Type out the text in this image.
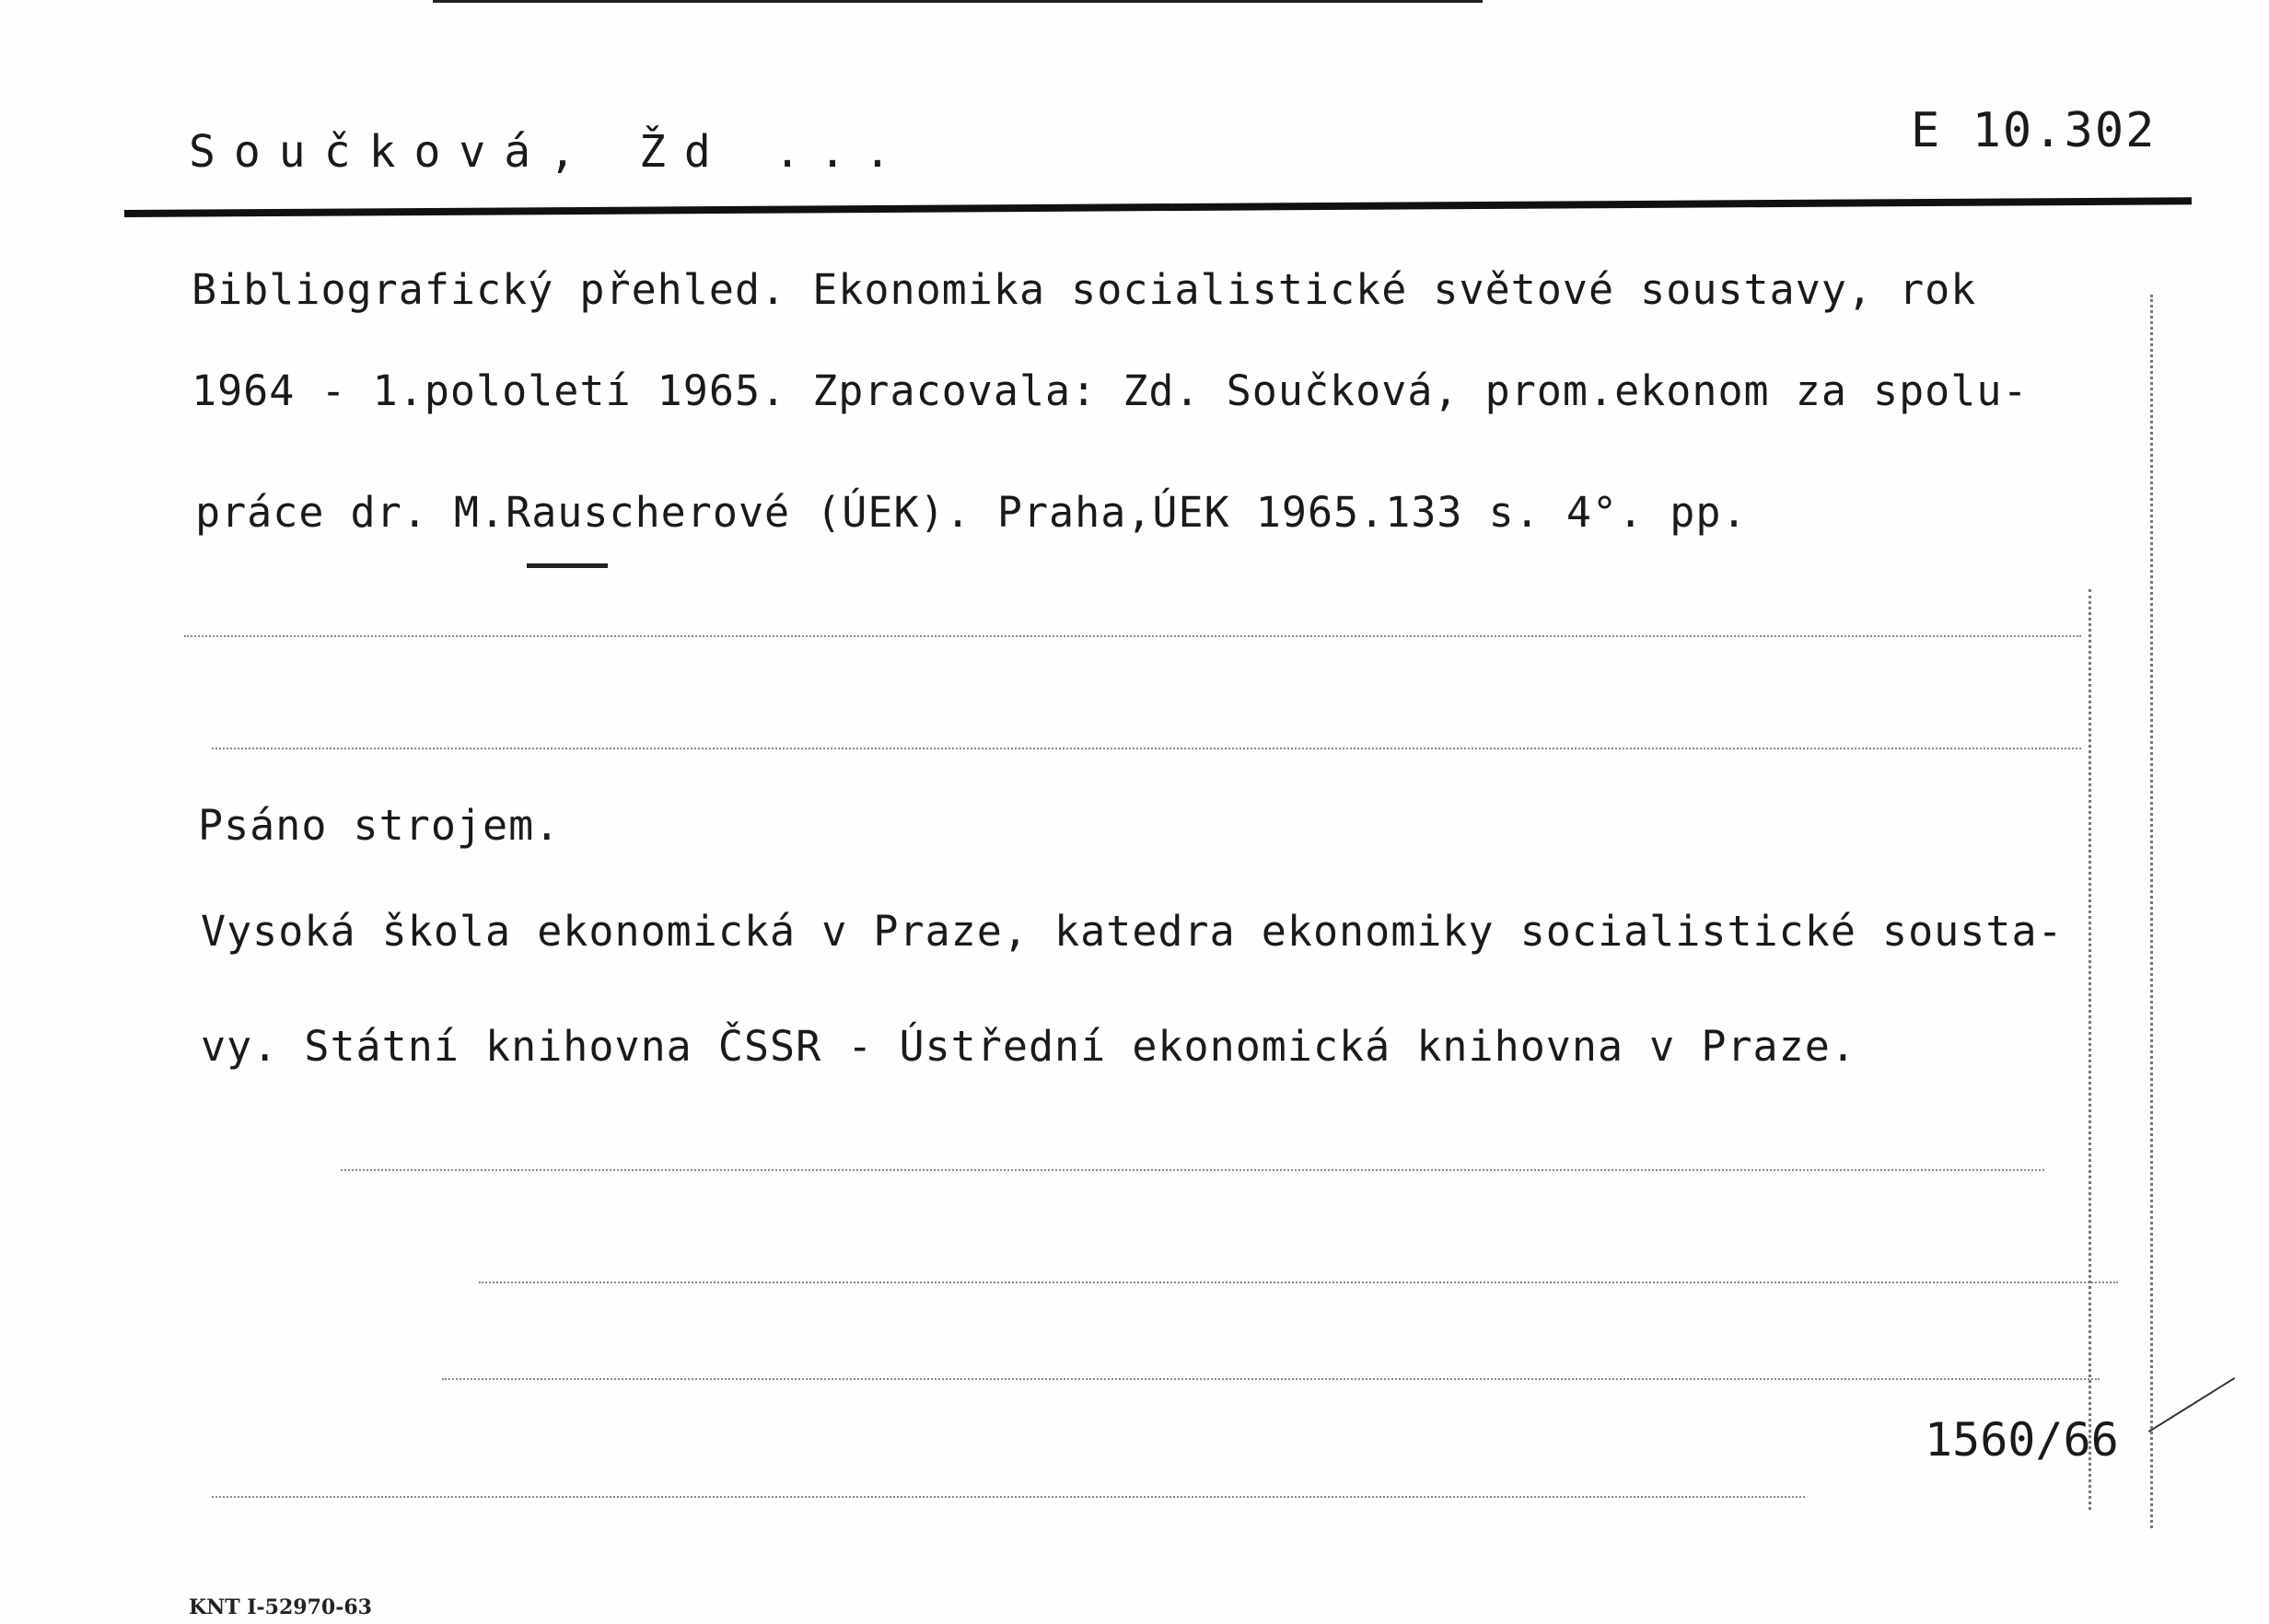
Součková, Žd ...	E 10.302
Bibliografický přehled. Ekonomika socialistické světové soustavy, rok
1964 - 1.pololetí 1965. Zpracovala: Zd. Součková, prom.ekonom za spolu-
práce dr. M.Rauscherové (ÚEK). Praha,ÚEK 1965.133 s. 4°. pp.
Psáno strojem.
Vysoká škola ekonomická v Praze, katedra ekonomiky socialistické sousta-
vy. Státní knihovna ČSSR - Ústřední ekonomická knihovna v Praze.
1560/66
KNT I-52970-63
